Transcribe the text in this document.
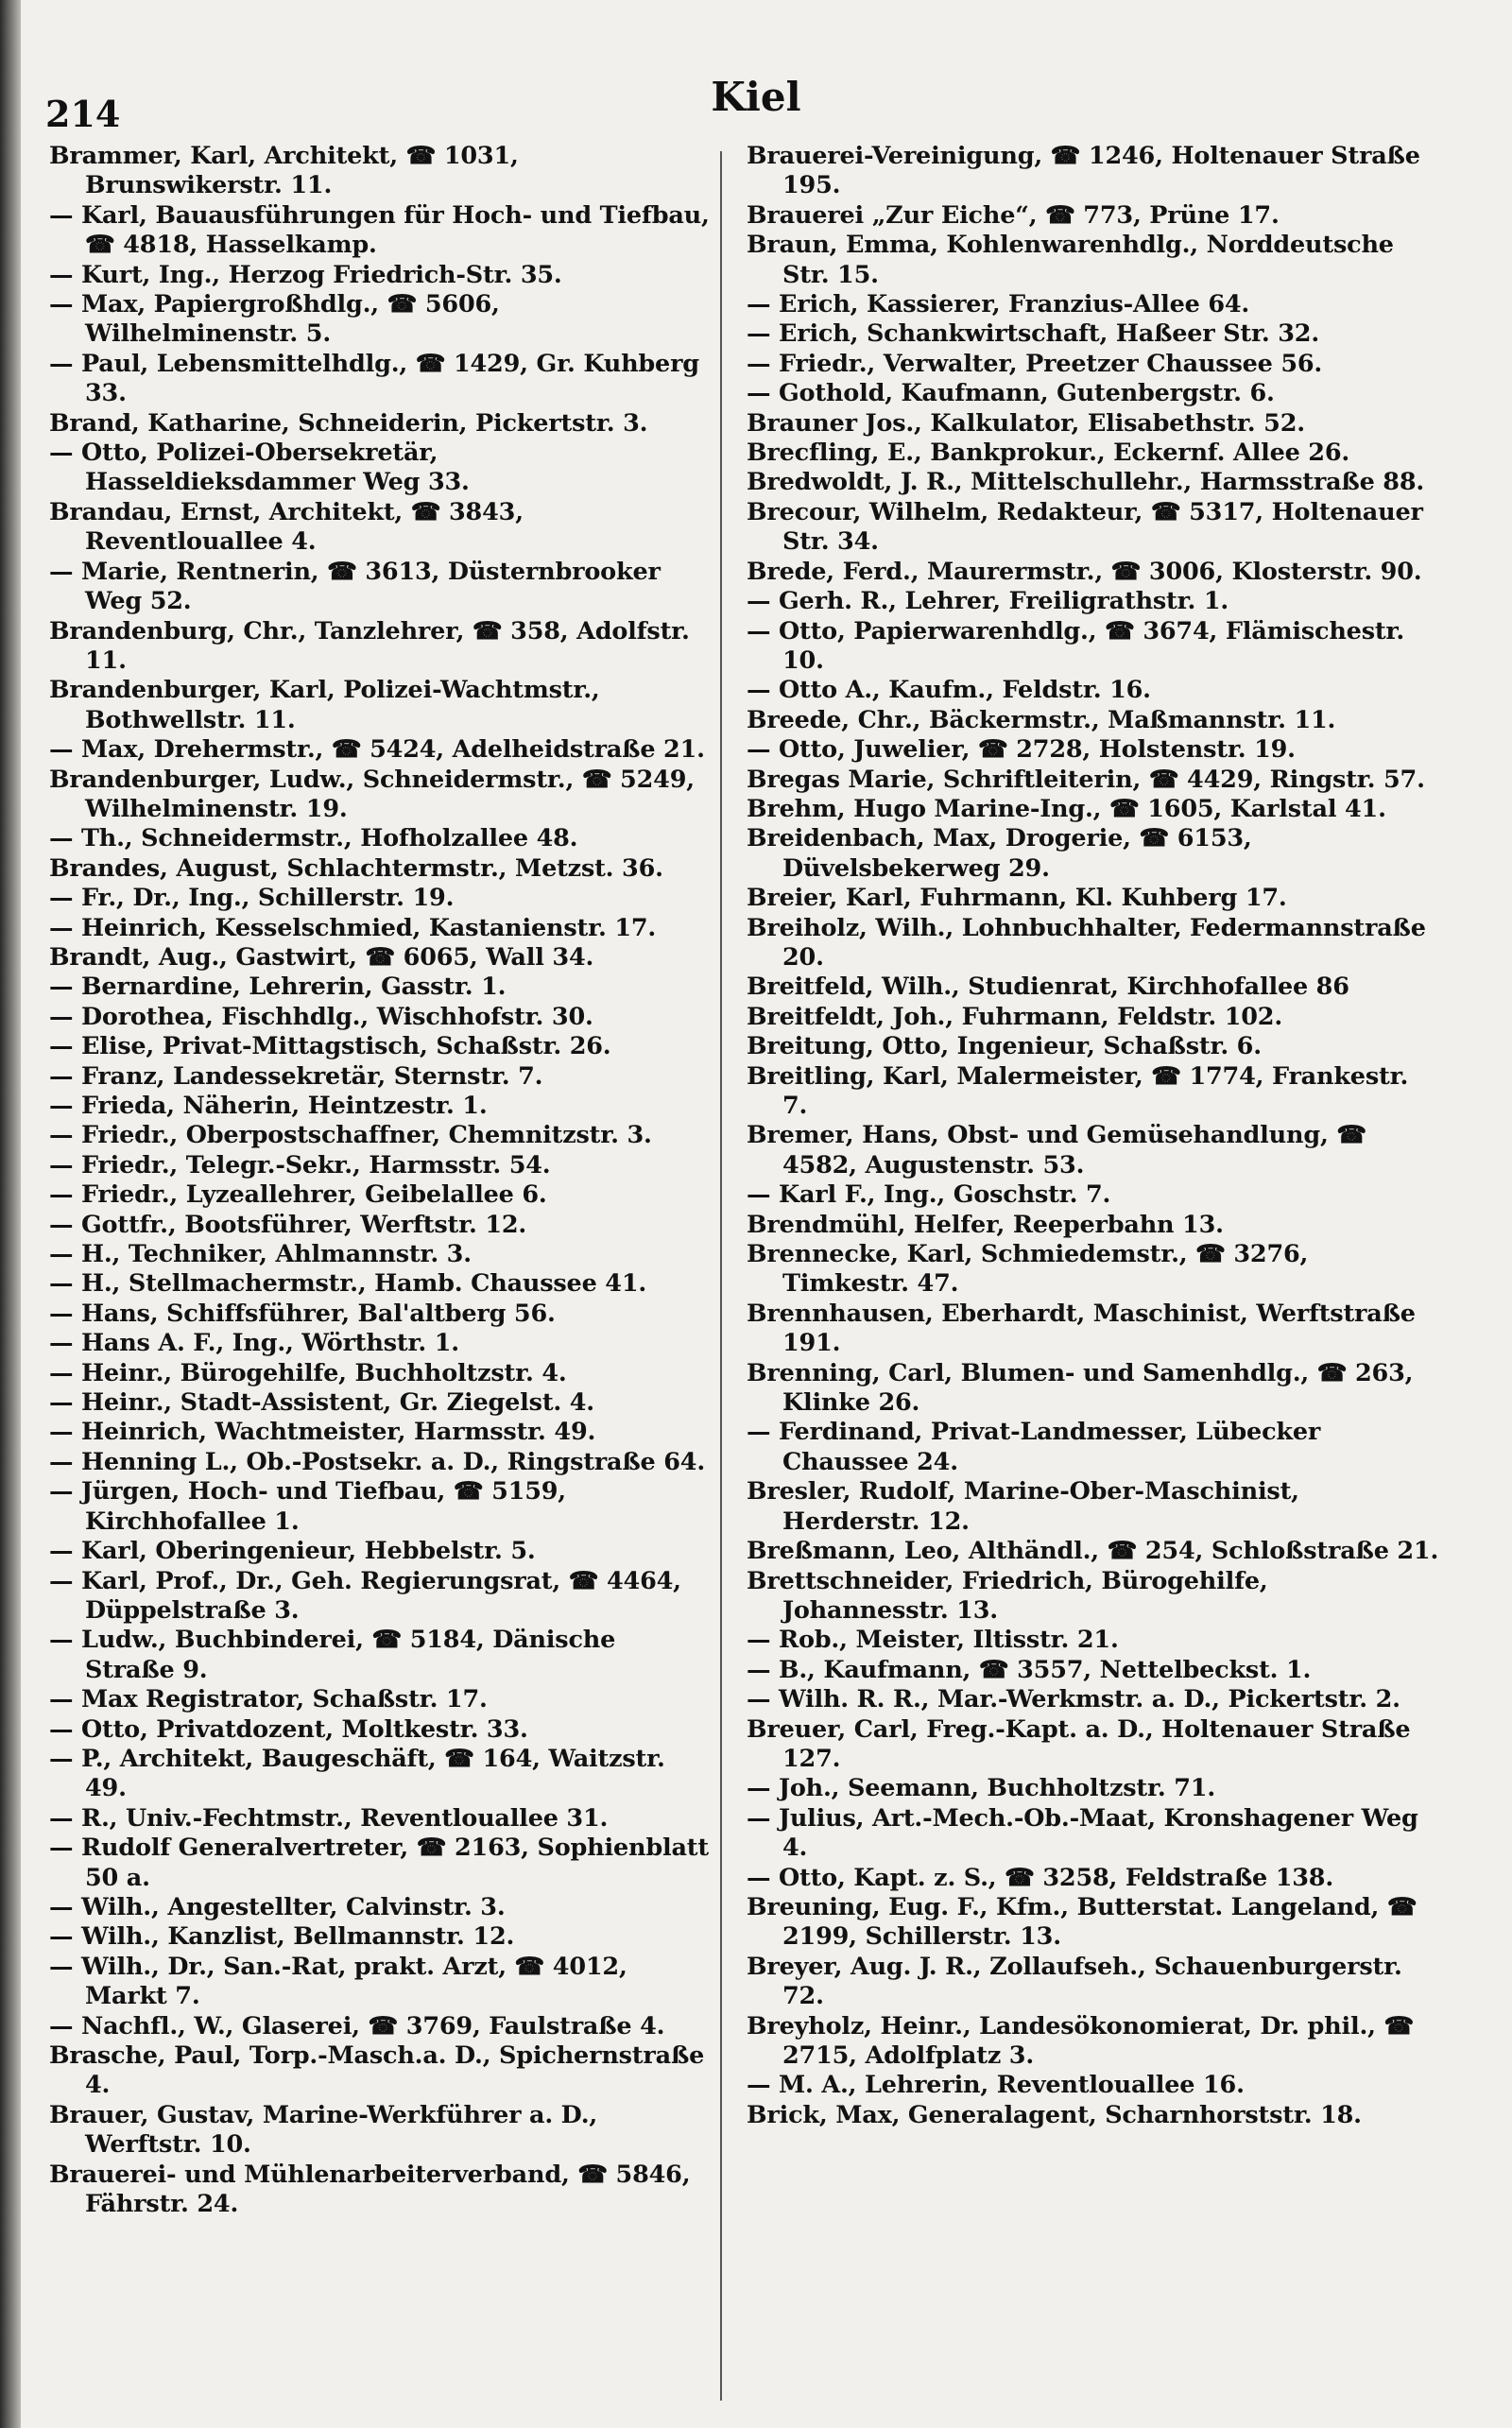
214	Kiel

Brammer, Karl, Architekt, ☎ 1031, Brunswikerstr. 11.

— Karl, Bauausführungen für Hoch- und Tiefbau, ☎ 4818, Hasselkamp.

— Kurt, Ing., Herzog Friedrich-Str. 35.

— Max, Papiergroßhdlg., ☎ 5606, Wilhelminenstr. 5.

— Paul, Lebensmittelhdlg., ☎ 1429, Gr. Kuhberg 33.

Brand, Katharine, Schneiderin, Pickertstr. 3.

— Otto, Polizei-Obersekretär, Hasseldieksdammer Weg 33.

Brandau, Ernst, Architekt, ☎ 3843, Reventlouallee 4.

— Marie, Rentnerin, ☎ 3613, Düsternbrooker Weg 52.

Brandenburg, Chr., Tanzlehrer, ☎ 358, Adolfstr. 11.

Brandenburger, Karl, Polizei-Wachtmstr., Bothwellstr. 11.

— Max, Drehermstr., ☎ 5424, Adelheidstraße 21.

Brandenburger, Ludw., Schneidermstr., ☎ 5249, Wilhelminenstr. 19.

— Th., Schneidermstr., Hofholzallee 48.

Brandes, August, Schlachtermstr., Metzst. 36.

— Fr., Dr., Ing., Schillerstr. 19.

— Heinrich, Kesselschmied, Kastanienstr. 17.

Brandt, Aug., Gastwirt, ☎ 6065, Wall 34.

— Bernardine, Lehrerin, Gasstr. 1.

— Dorothea, Fischhdlg., Wischhofstr. 30.

— Elise, Privat-Mittagstisch, Schaßstr. 26.

— Franz, Landessekretär, Sternstr. 7.

— Frieda, Näherin, Heintzestr. 1.

— Friedr., Oberpostschaffner, Chemnitzstr. 3.

— Friedr., Telegr.-Sekr., Harmsstr. 54.

— Friedr., Lyzeallehrer, Geibelallee 6.

— Gottfr., Bootsführer, Werftstr. 12.

— H., Techniker, Ahlmannstr. 3.

— H., Stellmachermstr., Hamb. Chaussee 41.

— Hans, Schiffsführer, Bal'altberg 56.

— Hans A. F., Ing., Wörthstr. 1.

— Heinr., Bürogehilfe, Buchholtzstr. 4.

— Heinr., Stadt-Assistent, Gr. Ziegelst. 4.

— Heinrich, Wachtmeister, Harmsstr. 49.

— Henning L., Ob.-Postsekr. a. D., Ringstraße 64.

— Jürgen, Hoch- und Tiefbau, ☎ 5159, Kirchhofallee 1.

— Karl, Oberingenieur, Hebbelstr. 5.

— Karl, Prof., Dr., Geh. Regierungsrat, ☎ 4464, Düppelstraße 3.

— Ludw., Buchbinderei, ☎ 5184, Dänische Straße 9.

— Max Registrator, Schaßstr. 17.

— Otto, Privatdozent, Moltkestr. 33.

— P., Architekt, Baugeschäft, ☎ 164, Waitzstr. 49.

— R., Univ.-Fechtmstr., Reventlouallee 31.

— Rudolf Generalvertreter, ☎ 2163, Sophienblatt 50 a.

— Wilh., Angestellter, Calvinstr. 3.

— Wilh., Kanzlist, Bellmannstr. 12.

— Wilh., Dr., San.-Rat, prakt. Arzt, ☎ 4012, Markt 7.

— Nachfl., W., Glaserei, ☎ 3769, Faulstraße 4.

Brasche, Paul, Torp.-Masch.a. D., Spichernstraße 4.

Brauer, Gustav, Marine-Werkführer a. D., Werftstr. 10.

Brauerei- und Mühlenarbeiterverband, ☎ 5846, Fährstr. 24.

Brauerei-Vereinigung, ☎ 1246, Holtenauer Straße 195.

Brauerei „Zur Eiche“, ☎ 773, Prüne 17.

Braun, Emma, Kohlenwarenhdlg., Norddeutsche Str. 15.

— Erich, Kassierer, Franzius-Allee 64.

— Erich, Schankwirtschaft, Haßeer Str. 32.

— Friedr., Verwalter, Preetzer Chaussee 56.

— Gothold, Kaufmann, Gutenbergstr. 6.

Brauner Jos., Kalkulator, Elisabethstr. 52.

Brecfling, E., Bankprokur., Eckernf. Allee 26.

Bredwoldt, J. R., Mittelschullehr., Harmsstraße 88.

Brecour, Wilhelm, Redakteur, ☎ 5317, Holtenauer Str. 34.

Brede, Ferd., Maurermstr., ☎ 3006, Klosterstr. 90.

— Gerh. R., Lehrer, Freiligrathstr. 1.

— Otto, Papierwarenhdlg., ☎ 3674, Flämischestr. 10.

— Otto A., Kaufm., Feldstr. 16.

Breede, Chr., Bäckermstr., Maßmannstr. 11.

— Otto, Juwelier, ☎ 2728, Holstenstr. 19.

Bregas Marie, Schriftleiterin, ☎ 4429, Ringstr. 57.

Brehm, Hugo Marine-Ing., ☎ 1605, Karlstal 41.

Breidenbach, Max, Drogerie, ☎ 6153, Düvelsbekerweg 29.

Breier, Karl, Fuhrmann, Kl. Kuhberg 17.

Breiholz, Wilh., Lohnbuchhalter, Federmannstraße 20.

Breitfeld, Wilh., Studienrat, Kirchhofallee 86

Breitfeldt, Joh., Fuhrmann, Feldstr. 102.

Breitung, Otto, Ingenieur, Schaßstr. 6.

Breitling, Karl, Malermeister, ☎ 1774, Frankestr. 7.

Bremer, Hans, Obst- und Gemüsehandlung, ☎ 4582, Augustenstr. 53.

— Karl F., Ing., Goschstr. 7.

Brendmühl, Helfer, Reeperbahn 13.

Brennecke, Karl, Schmiedemstr., ☎ 3276, Timkestr. 47.

Brennhausen, Eberhardt, Maschinist, Werftstraße 191.

Brenning, Carl, Blumen- und Samenhdlg., ☎ 263, Klinke 26.

— Ferdinand, Privat-Landmesser, Lübecker Chaussee 24.

Bresler, Rudolf, Marine-Ober-Maschinist, Herderstr. 12.

Breßmann, Leo, Althändl., ☎ 254, Schloßstraße 21.

Brettschneider, Friedrich, Bürogehilfe, Johannesstr. 13.

— Rob., Meister, Iltisstr. 21.

— B., Kaufmann, ☎ 3557, Nettelbeckst. 1.

— Wilh. R. R., Mar.-Werkmstr. a. D., Pickertstr. 2.

Breuer, Carl, Freg.-Kapt. a. D., Holtenauer Straße 127.

— Joh., Seemann, Buchholtzstr. 71.

— Julius, Art.-Mech.-Ob.-Maat, Kronshagener Weg 4.

— Otto, Kapt. z. S., ☎ 3258, Feldstraße 138.

Breuning, Eug. F., Kfm., Butterstat. Langeland, ☎ 2199, Schillerstr. 13.

Breyer, Aug. J. R., Zollaufseh., Schauenburgerstr. 72.

Breyholz, Heinr., Landesökonomierat, Dr. phil., ☎ 2715, Adolfplatz 3.

— M. A., Lehrerin, Reventlouallee 16.

Brick, Max, Generalagent, Scharnhorststr. 18.
